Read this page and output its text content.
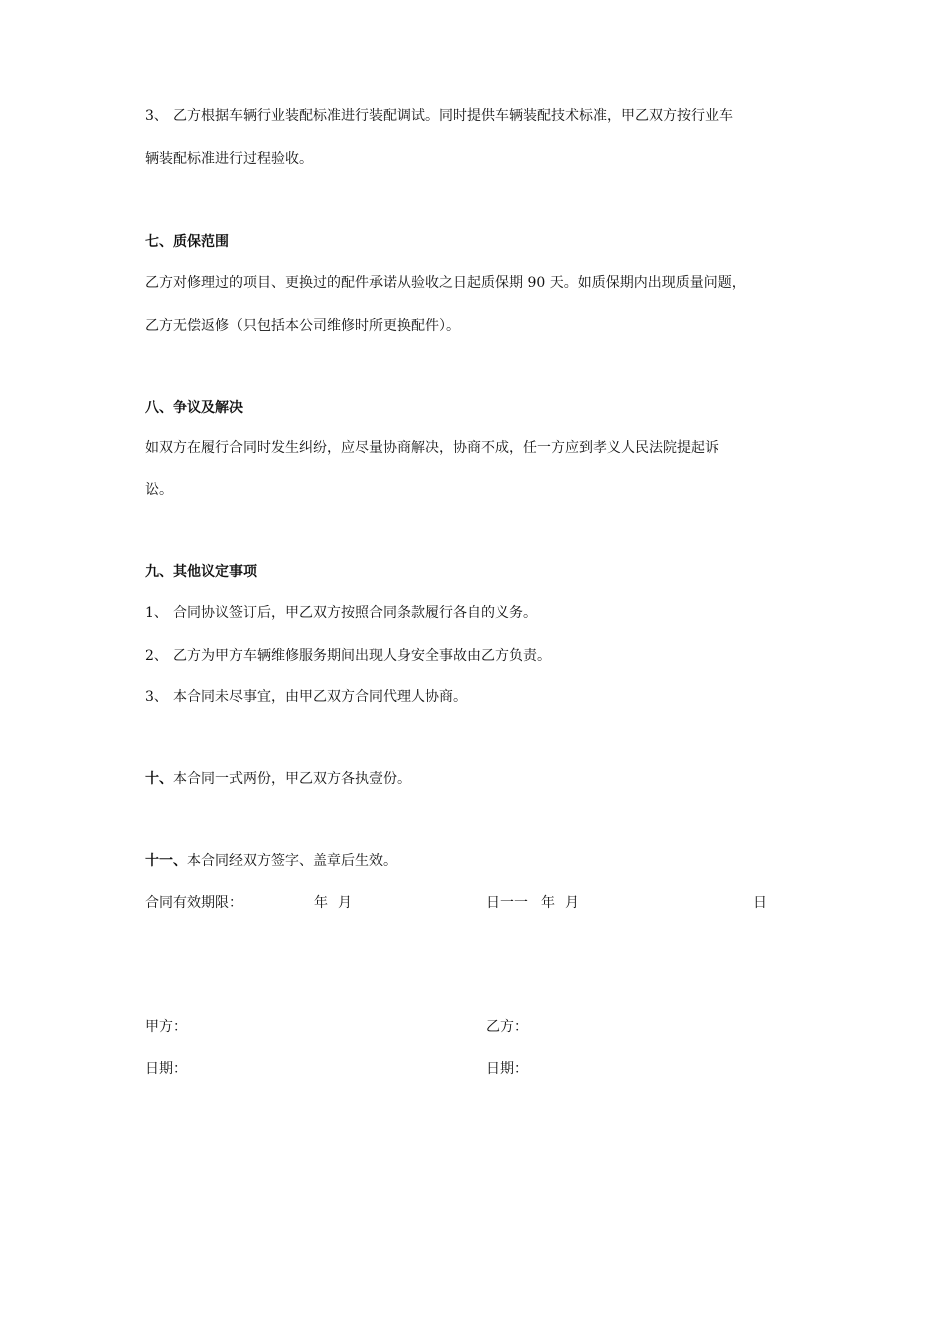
3、 乙方根据车辆行业装配标准进行装配调试。同时提供车辆装配技术标准，甲乙双方按行业车
辆装配标准进行过程验收。
七、质保范围
乙方对修理过的项目、更换过的配件承诺从验收之日起质保期 90 天。如质保期内出现质量问题，
乙方无偿返修（只包括本公司维修时所更换配件）。
八、争议及解决
如双方在履行合同时发生纠纷，应尽量协商解决，协商不成，任一方应到孝义人民法院提起诉
讼。
九、其他议定事项
1、 合同协议签订后，甲乙双方按照合同条款履行各自的义务。
2、 乙方为甲方车辆维修服务期间出现人身安全事故由乙方负责。
3、 本合同未尽事宜，由甲乙双方合同代理人协商。
十、本合同一式两份，甲乙双方各执壹份。
十一、本合同经双方签字、盖章后生效。
合同有效期限：	年 月	日一一 年 月	日
甲方：	乙方：
日期：	日期：
